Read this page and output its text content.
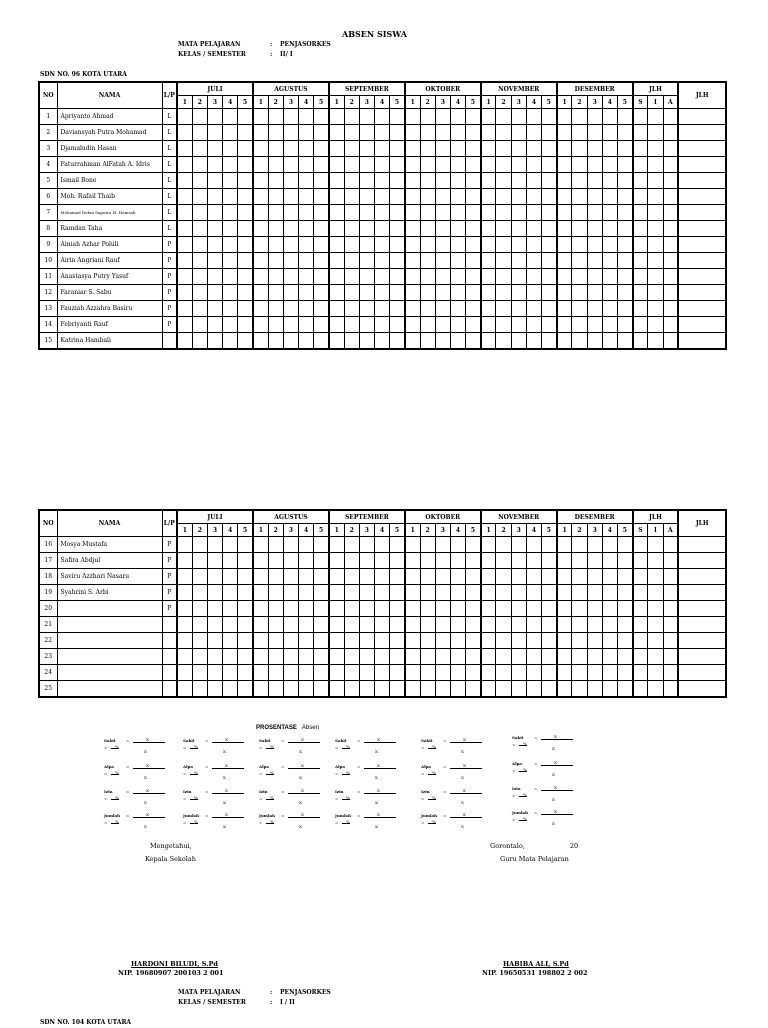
ABSEN SISWA
MATA PELAJARAN	: PENJASORKES
KELAS / SEMESTER	: II/ I
SDN NO. 96 KOTA UTARA
NO	NAMA	L/P	JULI					AGUSTUS					SEPTEMBER					OKTOBER					NOVEMBER					DESEMBER					JLH			JLH
			1	2	3	4	5	1	2	3	4	5	1	2	3	4	5	1	2	3	4	5	1	2	3	4	5	1	2	3	4	5	S	I	A	
1	Apriyanto Ahmad	L																																		
2	Daviansyah Putra Mohamad	L																																		
3	Djamaludin Hasan	L																																		
4	Faturrahman AlFatah A. Idris	L																																		
5	Ismail Bone	L																																		
6	Moh. Rafail Thaib	L																																		
7	Mohamad Defan Saputra H. Hamzah	L																																		
8	Ramdan Taha	L																																		
9	Ainiah Azhar Poluli	P																																		
10	Airin Angriani Rauf	P																																		
11	Anastasya Putry Yusuf	P																																		
12	Faraniar S. Sabu	P																																		
13	Fauziah Azzahra Basiru	P																																		
14	Febriyanti Rauf	P																																		
15	Katrina Hambali																																			
NO	NAMA	L/P	JULI					AGUSTUS					SEPTEMBER					OKTOBER					NOVEMBER					DESEMBER					JLH			JLH
			1	2	3	4	5	1	2	3	4	5	1	2	3	4	5	1	2	3	4	5	1	2	3	4	5	1	2	3	4	5	S	I	A	
16	Mosya Mustafa	P																																		
17	Safira Abdjul	P																																		
18	Saviru Azzhari Nasaru	P																																		
19	Syahrini S. Arbi	P																																		
20		P																																		
21																																				
22																																				
23																																				
24																																				
25																																				
PROSENTASE Absen
Sakit	=	X
= %
X
Alpa	=	X
= %
X
Izin	=	X
= %
X
Jumlah =	X
= %
X
Sakit	=	X
= %
X
Alpa	=	X
= %
X
Izin	=	X
= %
X
Jumlah =	X
= %
X
Sakit	=	X
= %
X
Alpa	=	X
= %
X
Izin	=	X
= %
X
Jumlah =	X
= %
X
Sakit	=	X
= %
X
Alpa	=	X
= %
X
Izin	=	X
= %
X
Jumlah =	X
= %
X
Sakit	=	X
= %
X
Alpa	=	X
= %
X
Izin	=	X
= %
X
Jumlah =	X
= %
X
Sakit	=	X
= %
X
Alpa	=	X
= %
X
Izin	=	X
= %
X
Jumlah =	X
= %
X
Mengetahui,
Kepala Sekolah
Gorontalo,	20
Guru Mata Pelajaran
HARDONI BILUDI, S.Pd
NIP. 19680907 200103 2 001
HABIBA ALI, S.Pd
NIP. 19650531 198802 2 002
MATA PELAJARAN	: PENJASORKES
KELAS / SEMESTER	: I / II
SDN NO. 104 KOTA UTARA
